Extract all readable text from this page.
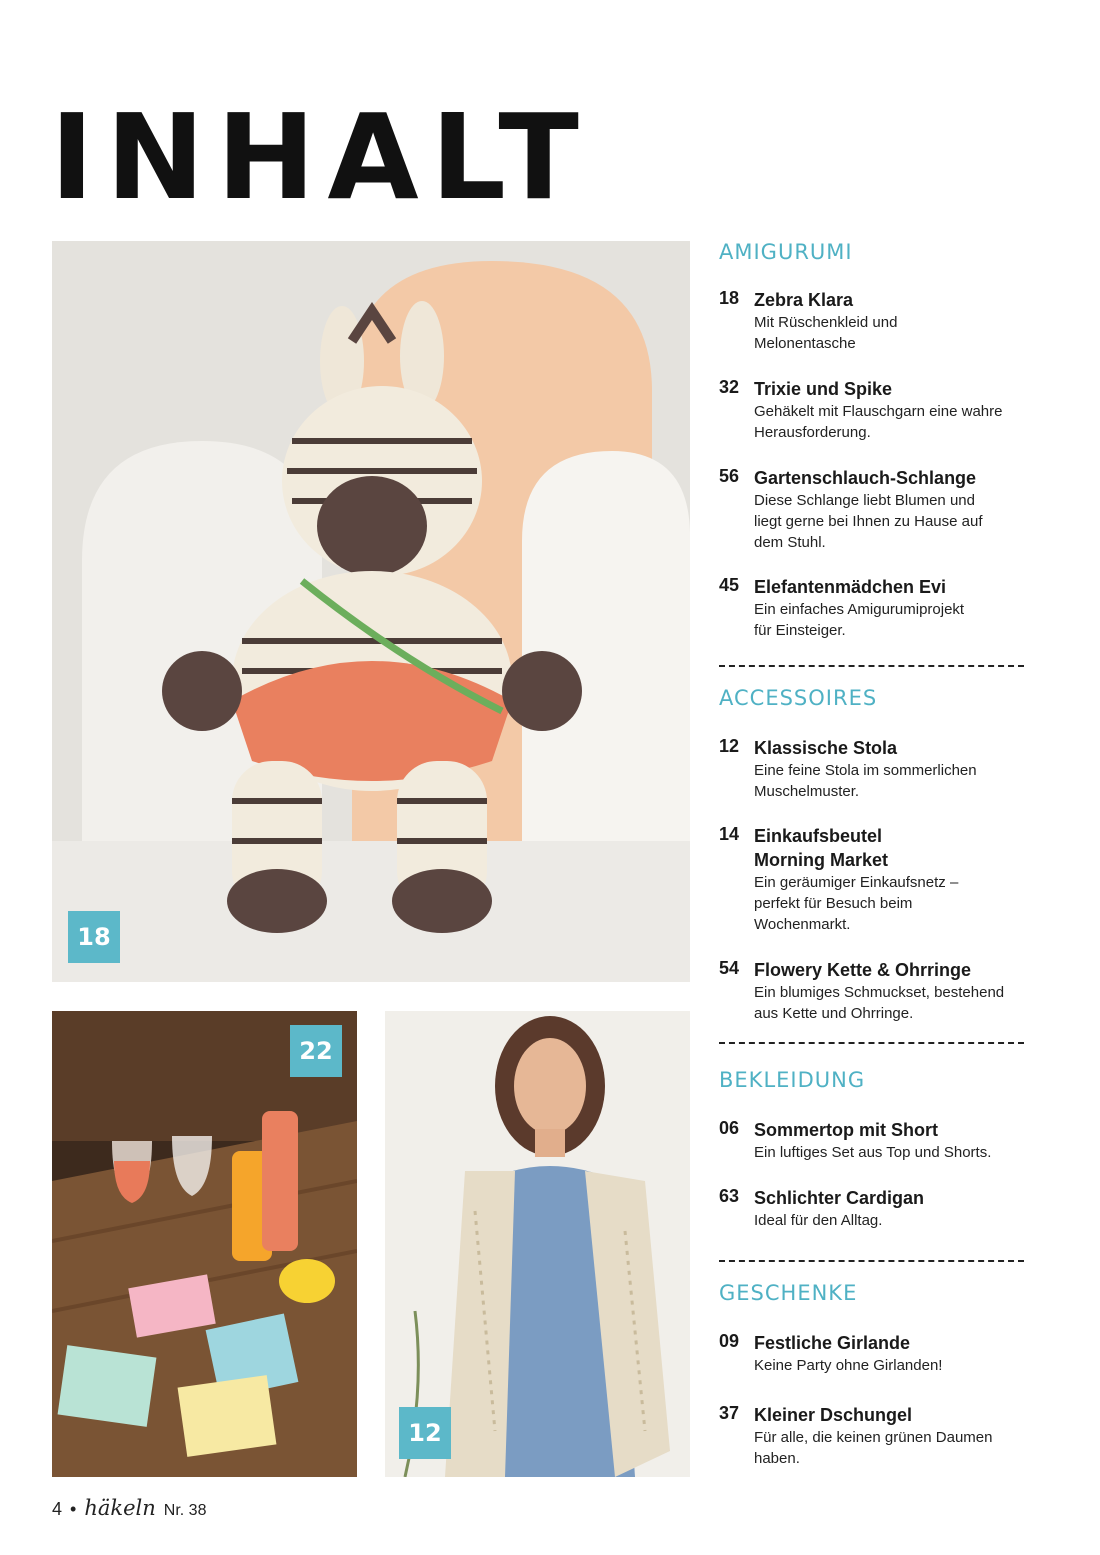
INHALT
18
22
12
AMIGURUMI
18 Zebra Klara
Mit Rüschenkleid und
Melonentasche
32 Trixie und Spike
Gehäkelt mit Flauschgarn eine wahre
Herausforderung.
56 Gartenschlauch-Schlange
Diese Schlange liebt Blumen und
liegt gerne bei Ihnen zu Hause auf
dem Stuhl.
45 Elefantenmädchen Evi
Ein einfaches Amigurumiprojekt
für Einsteiger.
ACCESSOIRES
12 Klassische Stola
Eine feine Stola im sommerlichen
Muschelmuster.
14 Einkaufsbeutel
Morning Market
Ein geräumiger Einkaufsnetz –
perfekt für Besuch beim
Wochenmarkt.
54 Flowery Kette & Ohrringe
Ein blumiges Schmuckset, bestehend
aus Kette und Ohrringe.
BEKLEIDUNG
06 Sommertop mit Short
Ein luftiges Set aus Top und Shorts.
63 Schlichter Cardigan
Ideal für den Alltag.
GESCHENKE
09 Festliche Girlande
Keine Party ohne Girlanden!
37 Kleiner Dschungel
Für alle, die keinen grünen Daumen
haben.
4 • häkeln Nr. 38
